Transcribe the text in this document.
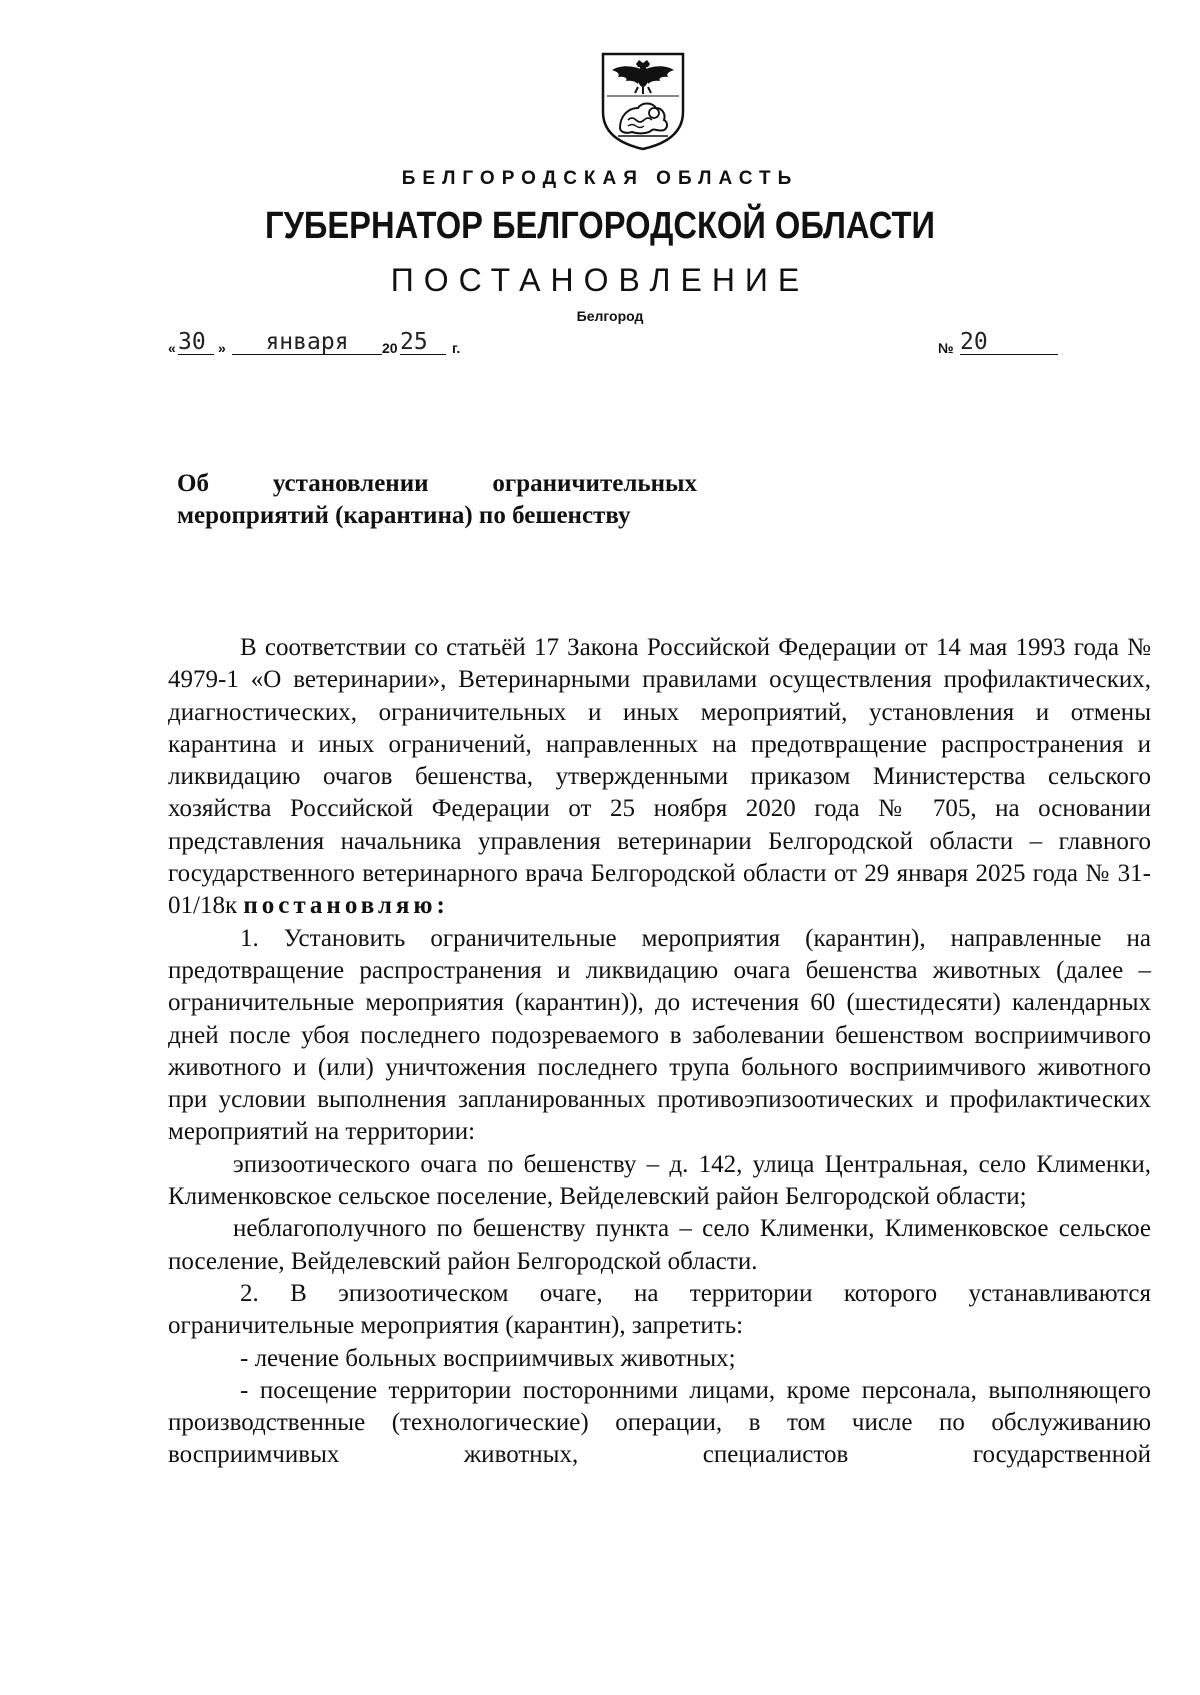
БЕЛГОРОДСКАЯ ОБЛАСТЬ
ГУБЕРНАТОР БЕЛГОРОДСКОЙ ОБЛАСТИ
ПОСТАНОВЛЕНИЕ
Белгород
« 30 »	января	20 25	г.	№ 20
Об	установлении	ограничительных
мероприятий (карантина) по бешенству

В соответствии со статьёй 17 Закона Российской Федерации от 14 мая 1993 года № 4979-1 «О ветеринарии», Ветеринарными правилами осуществления профилактических, диагностических, ограничительных и иных мероприятий, установления и отмены карантина и иных ограничений, направленных на предотвращение распространения и ликвидацию очагов бешенства, утвержденными приказом Министерства сельского хозяйства Российской Федерации от 25 ноября 2020 года № 705, на основании представления начальника управления ветеринарии Белгородской области – главного государственного ветеринарного врача Белгородской области от 29 января 2025 года № 31-01/18к постановляю:

1. Установить ограничительные мероприятия (карантин), направленные на предотвращение распространения и ликвидацию очага бешенства животных (далее – ограничительные мероприятия (карантин)), до истечения 60 (шестидесяти) календарных дней после убоя последнего подозреваемого в заболевании бешенством восприимчивого животного и (или) уничтожения последнего трупа больного восприимчивого животного при условии выполнения запланированных противоэпизоотических и профилактических мероприятий на территории:

эпизоотического очага по бешенству – д. 142, улица Центральная, село Клименки, Клименковское сельское поселение, Вейделевский район Белгородской области;

неблагополучного по бешенству пункта – село Клименки, Клименковское сельское поселение, Вейделевский район Белгородской области.

2. В эпизоотическом очаге, на территории которого устанавливаются ограничительные мероприятия (карантин), запретить:

- лечение больных восприимчивых животных;

- посещение территории посторонними лицами, кроме персонала, выполняющего производственные (технологические) операции, в том числе по обслуживанию восприимчивых животных, специалистов государственной
